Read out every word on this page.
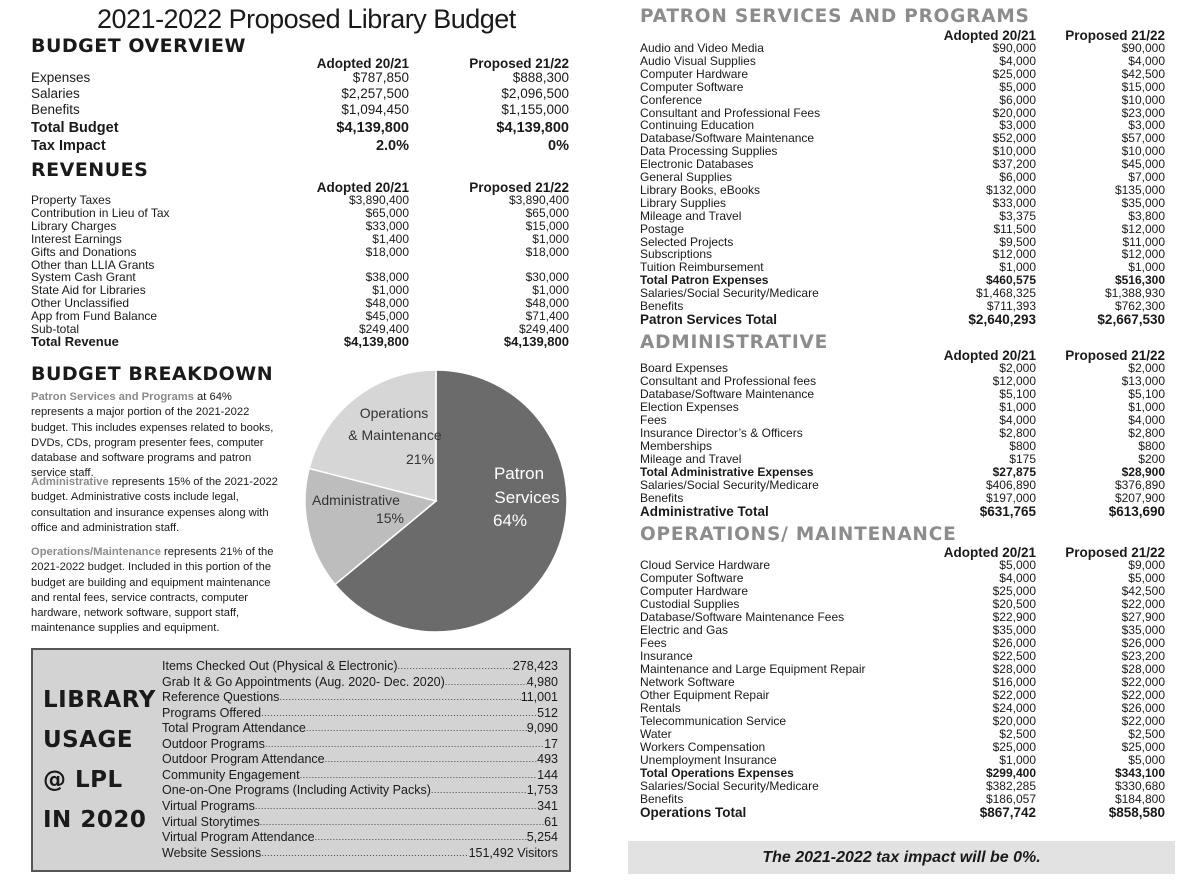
2021-2022 Proposed Library Budget
BUDGET OVERVIEW
Adopted 20/21	Proposed 21/22
Expenses	$787,850	$888,300
Salaries	$2,257,500	$2,096,500
Benefits	$1,094,450	$1,155,000
Total Budget	$4,139,800	$4,139,800
Tax Impact	2.0%	0%
REVENUES
Adopted 20/21	Proposed 21/22
Property Taxes	$3,890,400	$3,890,400
Contribution in Lieu of Tax	$65,000	$65,000
Library Charges	$33,000	$15,000
Interest Earnings	$1,400	$1,000
Gifts and Donations	$18,000	$18,000
Other than LLIA Grants
System Cash Grant	$38,000	$30,000
State Aid for Libraries	$1,000	$1,000
Other Unclassified	$48,000	$48,000
App from Fund Balance	$45,000	$71,400
Sub-total	$249,400	$249,400
Total Revenue	$4,139,800	$4,139,800
BUDGET BREAKDOWN
Patron Services and Programs at 64% represents a major portion of the 2021-2022 budget. This includes expenses related to books, DVDs, CDs, program presenter fees, computer database and software programs and patron service staff.
Administrative represents 15% of the 2021-2022 budget. Administrative costs include legal, consultation and insurance expenses along with office and administration staff.
Operations/Maintenance represents 21% of the 2021-2022 budget. Included in this portion of the budget are building and equipment maintenance and rental fees, service contracts, computer hardware, network software, support staff, maintenance supplies and equipment.
Patron
Services
64%
Administrative
15%
Operations
& Maintenance
21%
LIBRARY
USAGE
@ LPL
IN 2020
Items Checked Out (Physical & Electronic) .....	278,423
Grab It & Go Appointments (Aug. 2020- Dec. 2020) .....	4,980
Reference Questions .....	11,001
Programs Offered .....	512
Total Program Attendance .....	9,090
Outdoor Programs .....	17
Outdoor Program Attendance .....	493
Community Engagement .....	144
One-on-One Programs (Including Activity Packs) .....	1,753
Virtual Programs .....	341
Virtual Storytimes .....	61
Virtual Program Attendance .....	5,254
Website Sessions .....	151,492 Visitors
PATRON SERVICES AND PROGRAMS
Adopted 20/21	Proposed 21/22
Audio and Video Media	$90,000	$90,000
Audio Visual Supplies	$4,000	$4,000
Computer Hardware	$25,000	$42,500
Computer Software	$5,000	$15,000
Conference	$6,000	$10,000
Consultant and Professional Fees	$20,000	$23,000
Continuing Education	$3,000	$3,000
Database/Software Maintenance	$52,000	$57,000
Data Processing Supplies	$10,000	$10,000
Electronic Databases	$37,200	$45,000
General Supplies	$6,000	$7,000
Library Books, eBooks	$132,000	$135,000
Library Supplies	$33,000	$35,000
Mileage and Travel	$3,375	$3,800
Postage	$11,500	$12,000
Selected Projects	$9,500	$11,000
Subscriptions	$12,000	$12,000
Tuition Reimbursement	$1,000	$1,000
Total Patron Expenses	$460,575	$516,300
Salaries/Social Security/Medicare	$1,468,325	$1,388,930
Benefits	$711,393	$762,300
Patron Services Total	$2,640,293	$2,667,530
ADMINISTRATIVE
Adopted 20/21	Proposed 21/22
Board Expenses	$2,000	$2,000
Consultant and Professional fees	$12,000	$13,000
Database/Software Maintenance	$5,100	$5,100
Election Expenses	$1,000	$1,000
Fees	$4,000	$4,000
Insurance Director’s & Officers	$2,800	$2,800
Memberships	$800	$800
Mileage and Travel	$175	$200
Total Administrative Expenses	$27,875	$28,900
Salaries/Social Security/Medicare	$406,890	$376,890
Benefits	$197,000	$207,900
Administrative Total	$631,765	$613,690
OPERATIONS/ MAINTENANCE
Adopted 20/21	Proposed 21/22
Cloud Service Hardware	$5,000	$9,000
Computer Software	$4,000	$5,000
Computer Hardware	$25,000	$42,500
Custodial Supplies	$20,500	$22,000
Database/Software Maintenance Fees	$22,900	$27,900
Electric and Gas	$35,000	$35,000
Fees	$26,000	$26,000
Insurance	$22,500	$23,200
Maintenance and Large Equipment Repair	$28,000	$28,000
Network Software	$16,000	$22,000
Other Equipment Repair	$22,000	$22,000
Rentals	$24,000	$26,000
Telecommunication Service	$20,000	$22,000
Water	$2,500	$2,500
Workers Compensation	$25,000	$25,000
Unemployment Insurance	$1,000	$5,000
Total Operations Expenses	$299,400	$343,100
Salaries/Social Security/Medicare	$382,285	$330,680
Benefits	$186,057	$184,800
Operations Total	$867,742	$858,580
The 2021-2022 tax impact will be 0%.
